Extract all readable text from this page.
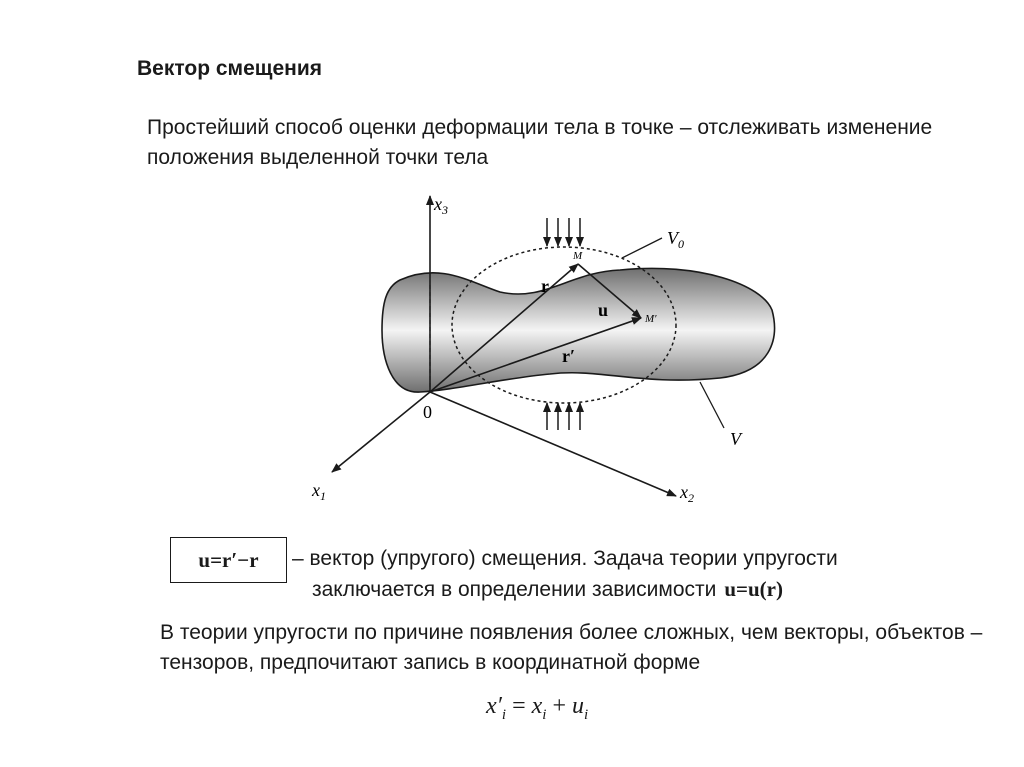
Вектор смещения
Простейший способ оценки деформации тела в точке – отслеживать изменение положения выделенной точки тела
$x_3$
$x_1$	$x_2$
0
$V_0$
V
r
r′
u
M
M′
u=r′−r	– вектор (упругого) смещения. Задача теории упругости
заключается в определении зависимости u=u(r)
В теории упругости по причине появления более сложных, чем векторы, объектов – тензоров, предпочитают запись в координатной форме
$x'_i = x_i + u_i$
